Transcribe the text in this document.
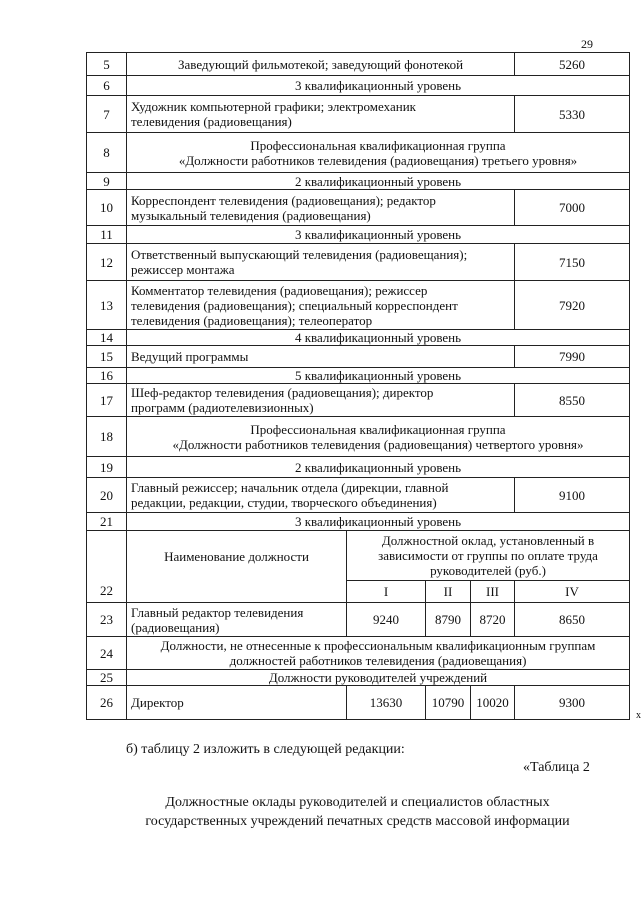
29
5	Заведующий фильмотекой; заведующий фонотекой				5260
6	3 квалификационный уровень				
7	Художник компьютерной графики; электромеханик
телевидения (радиовещания)				5330
8	Профессиональная квалификационная группа
«Должности работников телевидения (радиовещания) третьего уровня»				

9	2 квалификационный уровень				
10	Корреспондент телевидения (радиовещания); редактор
музыкальный телевидения (радиовещания)				7000
11	3 квалификационный уровень				
12	Ответственный выпускающий телевидения (радиовещания);
режиссер монтажа				7150
13	Комментатор телевидения (радиовещания); режиссер
телевидения (радиовещания); специальный корреспондент
телевидения (радиовещания); телеоператор				7920
14	4 квалификационный уровень				
15	Ведущий программы				7990
16	5 квалификационный уровень				
17	Шеф-редактор телевидения (радиовещания); директор
программ (радиотелевизионных)				8550
18	Профессиональная квалификационная группа
«Должности работников телевидения (радиовещания) четвертого уровня»				

19	2 квалификационный уровень				
20	Главный режиссер; начальник отдела (дирекции, главной
редакции, редакции, студии, творческого объединения)				9100
21	3 квалификационный уровень				
22	Наименование должности	Должностной оклад, установленный в
зависимости от группы по оплате труда
руководителей (руб.)			

		I	II	III	IV
23	Главный редактор телевидения
(радиовещания)	9240	8790	8720	8650
24	Должности, не отнесенные к профессиональным квалификационным группам
должностей работников телевидения (радиовещания)				

25	Должности руководителей учреждений				
26	Директор	13630	10790	10020	9300
x
б) таблицу 2 изложить в следующей редакции:
«Таблица 2
Должностные оклады руководителей и специалистов областных
государственных учреждений печатных средств массовой информации
